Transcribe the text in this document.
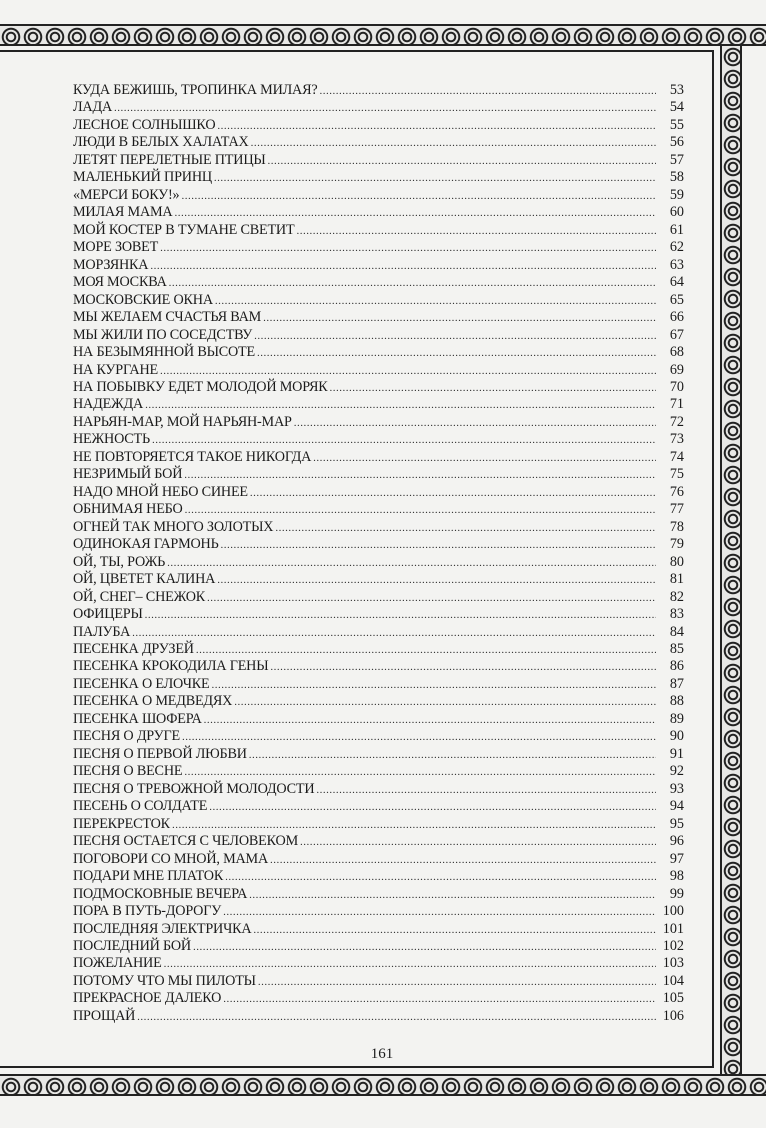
КУДА БЕЖИШЬ, ТРОПИНКА МИЛАЯ? .....	53
ЛАДА .....	54
ЛЕСНОЕ СОЛНЫШКО .....	55
ЛЮДИ В БЕЛЫХ ХАЛАТАХ .....	56
ЛЕТЯТ ПЕРЕЛЕТНЫЕ ПТИЦЫ .....	57
МАЛЕНЬКИЙ ПРИНЦ .....	58
«МЕРСИ БОКУ!» .....	59
МИЛАЯ МАМА .....	60
МОЙ КОСТЕР В ТУМАНЕ СВЕТИТ .....	61
МОРЕ ЗОВЕТ .....	62
МОРЗЯНКА .....	63
МОЯ МОСКВА .....	64
МОСКОВСКИЕ ОКНА .....	65
МЫ ЖЕЛАЕМ СЧАСТЬЯ ВАМ .....	66
МЫ ЖИЛИ ПО СОСЕДСТВУ .....	67
НА БЕЗЫМЯННОЙ ВЫСОТЕ .....	68
НА КУРГАНЕ .....	69
НА ПОБЫВКУ ЕДЕТ МОЛОДОЙ МОРЯК .....	70
НАДЕЖДА .....	71
НАРЬЯН-МАР, МОЙ НАРЬЯН-МАР .....	72
НЕЖНОСТЬ .....	73
НЕ ПОВТОРЯЕТСЯ ТАКОЕ НИКОГДА .....	74
НЕЗРИМЫЙ БОЙ .....	75
НАДО МНОЙ НЕБО СИНЕЕ .....	76
ОБНИМАЯ НЕБО .....	77
ОГНЕЙ ТАК МНОГО ЗОЛОТЫХ .....	78
ОДИНОКАЯ ГАРМОНЬ .....	79
ОЙ, ТЫ, РОЖЬ .....	80
ОЙ, ЦВЕТЕТ КАЛИНА .....	81
ОЙ, СНЕГ– СНЕЖОК .....	82
ОФИЦЕРЫ .....	83
ПАЛУБА .....	84
ПЕСЕНКА ДРУЗЕЙ .....	85
ПЕСЕНКА КРОКОДИЛА ГЕНЫ .....	86
ПЕСЕНКА О ЕЛОЧКЕ .....	87
ПЕСЕНКА О МЕДВЕДЯХ .....	88
ПЕСЕНКА ШОФЕРА .....	89
ПЕСНЯ О ДРУГЕ .....	90
ПЕСНЯ О ПЕРВОЙ ЛЮБВИ .....	91
ПЕСНЯ О ВЕСНЕ .....	92
ПЕСНЯ О ТРЕВОЖНОЙ МОЛОДОСТИ .....	93
ПЕСЕНЬ О СОЛДАТЕ .....	94
ПЕРЕКРЕСТОК .....	95
ПЕСНЯ ОСТАЕТСЯ С ЧЕЛОВЕКОМ .....	96
ПОГОВОРИ СО МНОЙ, МАМА .....	97
ПОДАРИ МНЕ ПЛАТОК .....	98
ПОДМОСКОВНЫЕ ВЕЧЕРА .....	99
ПОРА В ПУТЬ-ДОРОГУ .....	100
ПОСЛЕДНЯЯ ЭЛЕКТРИЧКА .....	101
ПОСЛЕДНИЙ БОЙ .....	102
ПОЖЕЛАНИЕ .....	103
ПОТОМУ ЧТО МЫ ПИЛОТЫ .....	104
ПРЕКРАСНОЕ ДАЛЕКО .....	105
ПРОЩАЙ .....	106
161
